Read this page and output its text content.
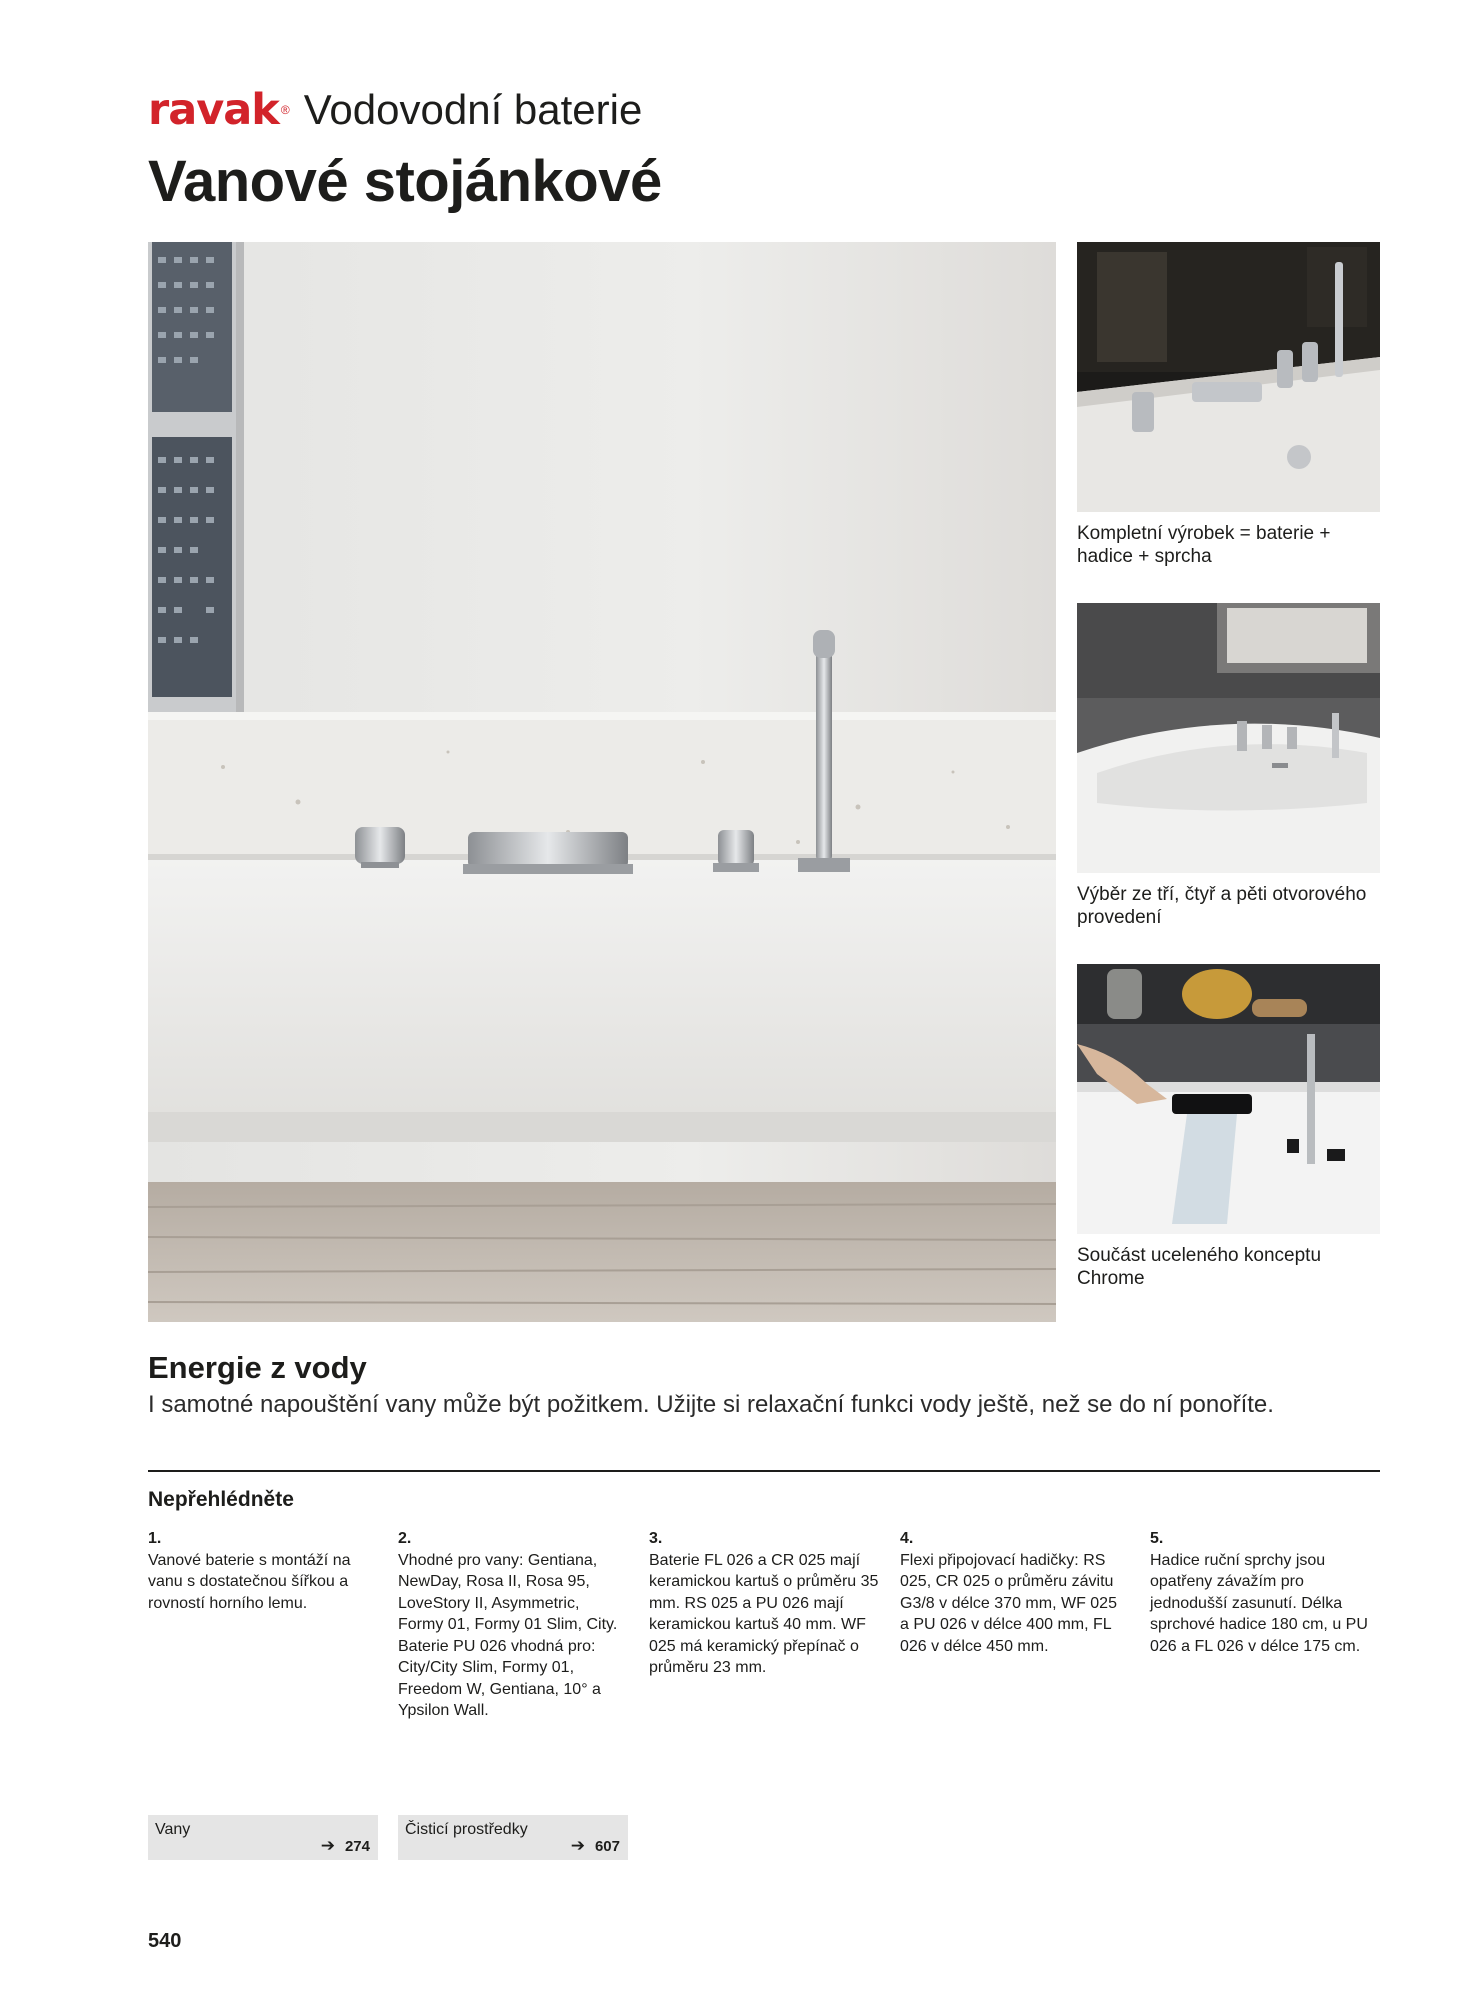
ravak ® Vodovodní baterie
Vanové stojánkové
Kompletní výrobek = baterie + hadice + sprcha
Výběr ze tří, čtyř a pěti otvorového provedení
Součást uceleného konceptu Chrome
Energie z vody

I samotné napouštění vany může být požitkem. Užijte si relaxační funkci vody ještě, než se do ní ponoříte.

Nepřehlédněte
1.
Vanové baterie s montáží na vanu s dostatečnou šířkou a rovností horního lemu.
2.
Vhodné pro vany: Gentiana, NewDay, Rosa II, Rosa 95, LoveStory II, Asymmetric, Formy 01, Formy 01 Slim, City. Baterie PU 026 vhodná pro: City/City Slim, Formy 01, Freedom W, Gentiana, 10° a Ypsilon Wall.
3.
Baterie FL 026 a CR 025 mají keramickou kartuš o průměru 35 mm. RS 025 a PU 026 mají keramickou kartuš 40 mm. WF 025 má keramický přepínač o průměru 23 mm.
4.
Flexi připojovací hadičky: RS 025, CR 025 o průměru závitu G3/8 v délce 370 mm, WF 025 a PU 026 v délce 400 mm, FL 026 v délce 450 mm.
5.
Hadice ruční sprchy jsou opatřeny závažím pro jednodušší zasunutí. Délka sprchové hadice 180 cm, u PU 026 a FL 026 v délce 175 cm.
Vany
➔ 274
Čisticí prostředky
➔ 607
540
